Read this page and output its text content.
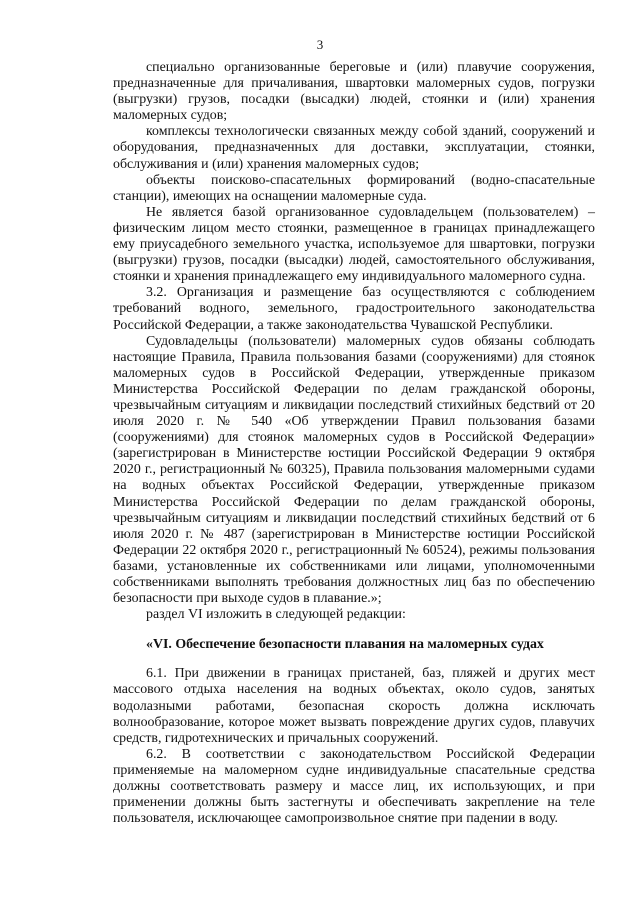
3

специально организованные береговые и (или) плавучие сооружения, предназначенные для причаливания, швартовки маломерных судов, погрузки (выгрузки) грузов, посадки (высадки) людей, стоянки и (или) хранения маломерных судов;

комплексы технологически связанных между собой зданий, сооружений и оборудования, предназначенных для доставки, эксплуатации, стоянки, обслуживания и (или) хранения маломерных судов;

объекты поисково-спасательных формирований (водно-спасательные станции), имеющих на оснащении маломерные суда.

Не является базой организованное судовладельцем (пользователем) – физическим лицом место стоянки, размещенное в границах принадлежащего ему приусадебного земельного участка, используемое для швартовки, погрузки (выгрузки) грузов, посадки (высадки) людей, самостоятельного обслуживания, стоянки и хранения принадлежащего ему индивидуального маломерного судна.

3.2. Организация и размещение баз осуществляются с соблюдением требований водного, земельного, градостроительного законодательства Российской Федерации, а также законодательства Чувашской Республики.

Судовладельцы (пользователи) маломерных судов обязаны соблюдать настоящие Правила, Правила пользования базами (сооружениями) для стоянок маломерных судов в Российской Федерации, утвержденные приказом Министерства Российской Федерации по делам гражданской обороны, чрезвычайным ситуациям и ликвидации последствий стихийных бедствий от 20 июля 2020 г. № 540 «Об утверждении Правил пользования базами (сооружениями) для стоянок маломерных судов в Российской Федерации» (зарегистрирован в Министерстве юстиции Российской Федерации 9 октября 2020 г., регистрационный № 60325), Правила пользования маломерными судами на водных объектах Российской Федерации, утвержденные приказом Министерства Российской Федерации по делам гражданской обороны, чрезвычайным ситуациям и ликвидации последствий стихийных бедствий от 6 июля 2020 г. № 487 (зарегистрирован в Министерстве юстиции Российской Федерации 22 октября 2020 г., регистрационный № 60524), режимы пользования базами, установленные их собственниками или лицами, уполномоченными собственниками выполнять требования должностных лиц баз по обеспечению безопасности при выходе судов в плавание.»;

раздел VI изложить в следующей редакции:

«VI. Обеспечение безопасности плавания на маломерных судах

6.1. При движении в границах пристаней, баз, пляжей и других мест массового отдыха населения на водных объектах, около судов, занятых водолазными работами, безопасная скорость должна исключать волнообразование, которое может вызвать повреждение других судов, плавучих средств, гидротехнических и причальных сооружений.

6.2. В соответствии с законодательством Российской Федерации применяемые на маломерном судне индивидуальные спасательные средства должны соответствовать размеру и массе лиц, их использующих, и при применении должны быть застегнуты и обеспечивать закрепление на теле пользователя, исключающее самопроизвольное снятие при падении в воду.
